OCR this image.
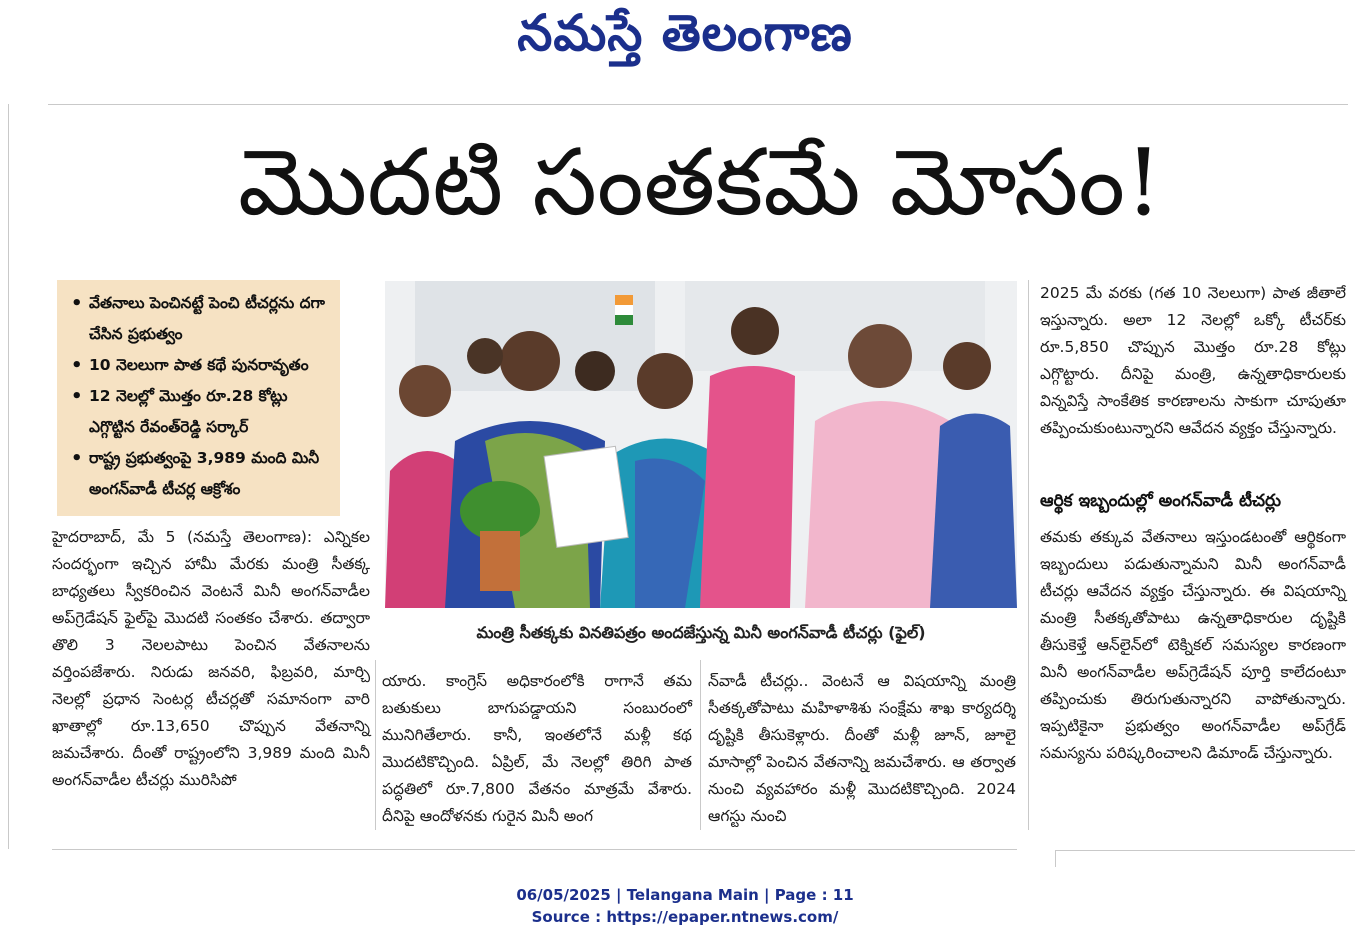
నమస్తే తెలంగాణ
మొదటి సంతకమే మోసం!
• వేతనాలు పెంచినట్టే పెంచి టీచర్లను దగా చేసిన ప్రభుత్వం
• 10 నెలలుగా పాత కథే పునరావృతం
• 12 నెలల్లో మొత్తం రూ.28 కోట్లు ఎగ్గొట్టిన రేవంత్‌రెడ్డి సర్కార్
• రాష్ట్ర ప్రభుత్వంపై 3,989 మంది మినీ అంగన్‌వాడీ టీచర్ల ఆక్రోశం
మంత్రి సీతక్కకు వినతిపత్రం అందజేస్తున్న మినీ అంగన్‌వాడీ టీచర్లు (ఫైల్)
హైదరాబాద్, మే 5 (నమస్తే తెలంగాణ): ఎన్నికల సందర్భంగా ఇచ్చిన హామీ మేరకు మంత్రి సీతక్క బాధ్యతలు స్వీకరించిన వెంటనే మినీ అంగన్‌వాడీల అప్‌గ్రెడేషన్ ఫైల్‌పై మొదటి సంతకం చేశారు. తద్వారా తొలి 3 నెలలపాటు పెంచిన వేతనాలను వర్తింపజేశారు. నిరుడు జనవరి, ఫిబ్రవరి, మార్చి నెలల్లో ప్రధాన సెంటర్ల టీచర్లతో సమానంగా వారి ఖాతాల్లో రూ.13,650 చొప్పున వేతనాన్ని జమచేశారు. దీంతో రాష్ట్రంలోని 3,989 మంది మినీ అంగన్‌వాడీల టీచర్లు మురిసిపో
యారు. కాంగ్రెస్ అధికారంలోకి రాగానే తమ బతుకులు బాగుపడ్డాయని సంబురంలో మునిగితేలారు. కానీ, ఇంతలోనే మళ్లీ కథ మొదటికొచ్చింది. ఏప్రిల్, మే నెలల్లో తిరిగి పాత పద్ధతిలో రూ.7,800 వేతనం మాత్రమే వేశారు. దీనిపై ఆందోళనకు గురైన మినీ అంగ
న్‌వాడీ టీచర్లు.. వెంటనే ఆ విషయాన్ని మంత్రి సీతక్కతోపాటు మహిళాశిశు సంక్షేమ శాఖ కార్యదర్శి దృష్టికి తీసుకెళ్లారు. దీంతో మళ్లీ జూన్, జూలై మాసాల్లో పెంచిన వేతనాన్ని జమచేశారు. ఆ తర్వాత నుంచి వ్యవహారం మళ్లీ మొదటికొచ్చింది. 2024 ఆగస్టు నుంచి
2025 మే వరకు (గత 10 నెలలుగా) పాత జీతాలే ఇస్తున్నారు. అలా 12 నెలల్లో ఒక్కో టీచర్‌కు రూ.5,850 చొప్పున మొత్తం రూ.28 కోట్లు ఎగ్గొట్టారు. దీనిపై మంత్రి, ఉన్నతాధికారులకు విన్నవిస్తే సాంకేతిక కారణాలను సాకుగా చూపుతూ తప్పించుకుంటున్నారని ఆవేదన వ్యక్తం చేస్తున్నారు.
ఆర్థిక ఇబ్బందుల్లో అంగన్‌వాడీ టీచర్లు
తమకు తక్కువ వేతనాలు ఇస్తుండటంతో ఆర్థికంగా ఇబ్బందులు పడుతున్నామని మినీ అంగన్‌వాడీ టీచర్లు ఆవేదన వ్యక్తం చేస్తున్నారు. ఈ విషయాన్ని మంత్రి సీతక్కతోపాటు ఉన్నతాధికారుల దృష్టికి తీసుకెళ్తే ఆన్‌లైన్‌లో టెక్నికల్ సమస్యల కారణంగా మినీ అంగన్‌వాడీల అప్‌గ్రెడేషన్ పూర్తి కాలేదంటూ తప్పించుకు తిరుగుతున్నారని వాపోతున్నారు. ఇప్పటికైనా ప్రభుత్వం అంగన్‌వాడీల అప్‌గ్రేడ్ సమస్యను పరిష్కరించాలని డిమాండ్ చేస్తున్నారు.
06/05/2025 | Telangana Main | Page : 11
Source : https://epaper.ntnews.com/
